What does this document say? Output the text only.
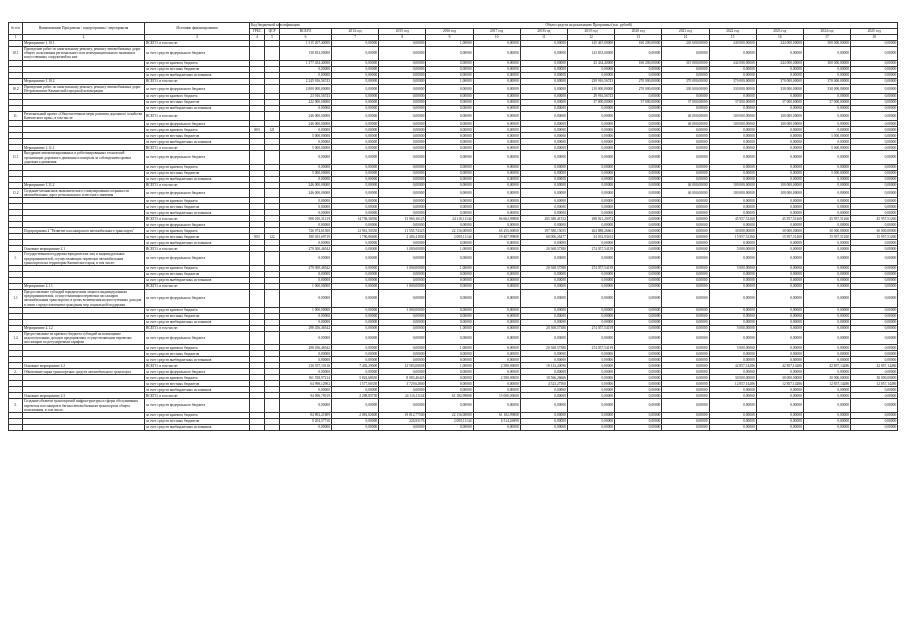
№ п/п	Наименование Программы / подпрограммы / мероприятия	Источник финансирования	Код бюджетной классификации		Объем средств на реализацию Программы (тыс. рублей)												
			ГРБС	ЦСР	ВСЕГО	2014 год	2015 год	2016 год	2017 год	2018 год	2019 год	2020 год	2021 год	2022 год	2023 год	2024 год	2025 год
1	2	3	4	5	6	7	8	9	10	11	12	13	14	15	16	17	18
	Мероприятие 1.10.1	ВСЕГО, в том числе:			1 515 207,40000	0,00000	0,00000	1,00000	0,00000	0,00000	145 467,00000	160 200,00000	245 600,00000	240 000,00000	244 000,00000	300 000,00000	0,00000
10.1	Проведение работ по капитальному ремонту, ремонту автомобильных дорог общего пользования регионального или межмуниципального значения и искусственных сооружений на них	за счет средств федерального бюджета			138 833,00000	0,00000	0,00000	0,00000	0,00000	0,00000	123 833,00000	0,00000	0,00000	0,00000	0,00000	0,00000	0,00000
		за счет средств краевого бюджета			1 377 434,40000	0,00000	0,00000	0,00000	0,00000	0,00000	43 434,40000	160 200,00000	315 000,00000	242 000,00000	244 000,00000	300 000,00000	0,00000
		за счет средств местных бюджетов			0,00000	0,00000	0,00000	0,00000	0,00000	0,00000	0,00000	0,00000	0,00000	0,00000	0,00000	0,00000	0,00000
		за счет средств внебюджетных источников			0,00000	0,00000	0,00000	0,00000	0,00000	0,00000	0,00000	0,00000	0,00000	0,00000	0,00000	0,00000	0,00000
	Мероприятие 1.10.2	ВСЕГО, в том числе:			2 245 916,56743	0,00000	0,00000	1,00000	0,00000	0,00000	239 916,56743	270 000,00000	370 000,00000	370 000,00000	370 000,00000	370 000,00000	0,00000
10.2	Проведение работ по капитальному ремонту, ремонту автомобильных дорог Петропавловск-Камчатской городской агломерации	за счет средств федерального бюджета			2 000 000,00000	0,00000	0,00000	0,00000	0,00000	0,00000	210 000,00000	270 000,00000	330 000,00000	330 000,00000	330 000,00000	330 000,00000	0,00000
		за счет средств краевого бюджета			23 916,56743	0,00000	0,00000	0,00000	0,00000	0,00000	29 916,56743	0,00000	0,00000	0,00000	0,00000	0,00000	0,00000
		за счет средств местных бюджетов			222 000,00000	0,00000	0,00000	0,00000	0,00000	0,00000	37 000,00000	37 000,00000	37 000,00000	37 000,00000	37 000,00000	37 000,00000	0,00000
		за счет средств внебюджетных источников			0,00000	0,00000	0,00000	0,00000	0,00000	0,00000	0,00000	0,00000	0,00000	0,00000	0,00000	0,00000	0,00000
11.	Региональный проект «Общесистемные меры развития дорожного хозяйства Камчатского края», в том числе:	ВСЕГО, в том числе:			246 000,00000	0,00000	0,00000	0,00000	0,00000	0,00000	0,00000	0,00000	46 000,00000	100 000,00000	100 000,00000	0,00000	0,00000
		за счет средств федерального бюджета			246 000,00000	0,00000	0,00000	0,00000	0,00000	0,00000	0,00000	0,00000	46 000,00000	100 000,00000	100 000,00000	0,00000	0,00000
		за счет средств краевого бюджета	803	121	0,00000	0,00000	0,00000	0,00000	0,00000	0,00000	0,00000	0,00000	0,00000	0,00000	0,00000	0,00000	0,00000
		за счет средств местных бюджетов			5 000,00000	0,00000	0,00000	0,00000	0,00000	0,00000	0,00000	0,00000	0,00000	0,00000	0,00000	5 000,00000	0,00000
		за счет средств внебюджетных источников			0,00000	0,00000	0,00000	0,00000	0,00000	0,00000	0,00000	0,00000	0,00000	0,00000	0,00000	0,00000	0,00000
	Мероприятие 1.11.1	ВСЕГО, в том числе:			5 000,00000	0,00000	0,00000	0,00000	0,00000	0,00000	0,00000	0,00000	0,00000	0,00000	0,00000	5 000,00000	0,00000
11.1	Внедрение автоматизированных и роботизированных технологий организации дорожного движения и контроля за соблюдением правил дорожного движения	за счет средств федерального бюджета			0,00000	0,00000	0,00000	0,00000	0,00000	0,00000	0,00000	0,00000	0,00000	0,00000	0,00000	0,00000	0,00000
		за счет средств краевого бюджета			0,00000	0,00000	0,00000	0,00000	0,00000	0,00000	0,00000	0,00000	0,00000	0,00000	0,00000	0,00000	0,00000
		за счет средств местных бюджетов			5 000,00000	0,00000	0,00000	0,00000	0,00000	0,00000	0,00000	0,00000	0,00000	0,00000	0,00000	5 000,00000	0,00000
		за счет средств внебюджетных источников			0,00000	0,00000	0,00000	0,00000	0,00000	0,00000	0,00000	0,00000	0,00000	0,00000	0,00000	0,00000	0,00000
	Мероприятие 1.11.2	ВСЕГО, в том числе:			246 000,00000	0,00000	0,00000	0,00000	0,00000	0,00000	0,00000	0,00000	46 000,00000	100 000,00000	100 000,00000	0,00000	0,00000
11.2	Создание механизмов экономического стимулирования сохранности автомобильных дорог регионального и местного значения	за счет средств федерального бюджета			246 000,00000	0,00000	0,00000	0,00000	0,00000	0,00000	0,00000	0,00000	46 000,00000	100 000,00000	100 000,00000	0,00000	0,00000
		за счет средств краевого бюджета			0,00000	0,00000	0,00000	0,00000	0,00000	0,00000	0,00000	0,00000	0,00000	0,00000	0,00000	0,00000	0,00000
		за счет средств местных бюджетов			0,00000	0,00000	0,00000	0,00000	0,00000	0,00000	0,00000	0,00000	0,00000	0,00000	0,00000	0,00000	0,00000
		за счет средств внебюджетных источников			0,00000	0,00000	0,00000	0,00000	0,00000	0,00000	0,00000	0,00000	0,00000	0,00000	0,00000	0,00000	0,00000
		ВСЕГО, в том числе:			908 010,31219	14 758,36950	13 960,16125	24 116,11144	84 662,99808	265 386,41532	298 921,20074	0,00000	0,00000	45 957,51260	45 957,51260	45 957,51260	45 957,51260
		за счет средств федерального бюджета			0,00000	0,00000	0,00000	0,00000	0,00000	0,00000	0,00000	0,00000	0,00000	0,00000	0,00000	0,00000	0,00000
	Подпрограмма 2 "Развитие пассажирского автомобильного транспорта"	за счет средств краевого бюджета			726 974,61500	12 961,50350	11 555,74325	22 116,00000	65 255,00000	197 380,15055	264 888,26661	0,00000	0,00000	30 000,00000	30 000,00000	30 000,00000	30 000,00000
		за счет средств местных бюджетов	803	122	180 035,69719	1 796,86600	2 404,41800	2 000,11144	19 407,99808	68 006,26477	34 032,93413	0,00000	0,00000	15 957,51260	15 957,51260	15 957,51260	15 957,51260
		за счет средств внебюджетных источников			0,00000	0,00000	0,00000	0,00000	0,00000	0,00000	0,00000	0,00000	0,00000	0,00000	0,00000	0,00000	0,00000
	Основное мероприятие 2.1	ВСЕГО, в том числе:			279 300,46542	0,00000	1 000,00000	1,00000	0,00000	20 368,57380	274 057,54139	0,00000	0,00000	5 000,00000	0,00000	0,00000	0,00000
1.	Государственная поддержка юридических лиц и индивидуальных предпринимателей, осуществляющих перевозки автомобильным транспортом на территории Камчатского края, в том числе:	за счет средств федерального бюджета			0,00000	0,00000	0,00000	0,00000	0,00000	0,00000	0,00000	0,00000	0,00000	0,00000	0,00000	0,00000	0,00000
		за счет средств краевого бюджета			279 300,46542	0,00000	1 000,00000	1,00000	0,00000	20 368,57380	274 057,54139	0,00000	0,00000	5 000,00000	0,00000	0,00000	0,00000
		за счет средств местных бюджетов			0,00000	0,00000	0,00000	0,00000	0,00000	0,00000	0,00000	0,00000	0,00000	0,00000	0,00000	0,00000	0,00000
		за счет средств внебюджетных источников			0,00000	0,00000	0,00000	0,00000	0,00000	0,00000	0,00000	0,00000	0,00000	0,00000	0,00000	0,00000	0,00000
	Мероприятие 2.1.1	ВСЕГО, в том числе:			1 000,00000	0,00000	1 000,00000	0,00000	0,00000	0,00000	0,00000	0,00000	0,00000	0,00000	0,00000	0,00000	0,00000
1.1	Предоставление субсидий юридическим лицам и индивидуальным предпринимателям, осуществляющим перевозки пассажиров автомобильным транспортом, в целях возмещения недополученных доходов в связи с предоставлением гражданам мер социальной поддержки	за счет средств федерального бюджета			0,00000	0,00000	0,00000	0,00000	0,00000	0,00000	0,00000	0,00000	0,00000	0,00000	0,00000	0,00000	0,00000
		за счет средств краевого бюджета			1 000,00000	0,00000	1 000,00000	0,00000	0,00000	0,00000	0,00000	0,00000	0,00000	0,00000	0,00000	0,00000	0,00000
		за счет средств местных бюджетов			0,00000	0,00000	0,00000	0,00000	0,00000	0,00000	0,00000	0,00000	0,00000	0,00000	0,00000	0,00000	0,00000
		за счет средств внебюджетных источников			0,00000	0,00000	0,00000	0,00000	0,00000	0,00000	0,00000	0,00000	0,00000	0,00000	0,00000	0,00000	0,00000
	Мероприятие 2.1.2	ВСЕГО, в том числе:			298 456,46542	0,00000	0,00000	1,00000	0,00000	20 368,57380	274 057,54139	0,00000	0,00000	5 000,00000	0,00000	0,00000	0,00000
1.2	Предоставление из краевого бюджета субсидий на возмещение недополученных доходов предприятиям, осуществляющим перевозки пассажиров по регулируемым тарифам	за счет средств федерального бюджета			0,00000	0,00000	0,00000	0,00000	0,00000	0,00000	0,00000	0,00000	0,00000	0,00000	0,00000	0,00000	0,00000
		за счет средств краевого бюджета			298 456,46542	0,00000	0,00000	1,00000	0,00000	20 368,57380	274 057,54139	0,00000	0,00000	5 000,00000	0,00000	0,00000	0,00000
		за счет средств местных бюджетов			0,00000	0,00000	0,00000	0,00000	0,00000	0,00000	0,00000	0,00000	0,00000	0,00000	0,00000	0,00000	0,00000
		за счет средств внебюджетных источников			0,00000	0,00000	0,00000	0,00000	0,00000	0,00000	0,00000	0,00000	0,00000	0,00000	0,00000	0,00000	0,00000
	Основное мероприятие 2.2	ВСЕГО, в том числе:			216 557,10116	7 402,29000	12 583,00658	1,00000	2 580,00000	18 123,20096	0,00000	0,00000	0,00000	42 857,14286	42 857,14286	42 857,14286	42 857,14286
2.	Обновление парка транспортных средств автомобильного транспорта	за счет средств федерального бюджета			0,00000	0,00000	0,00000	0,00000	0,00000	0,00000	0,00000	0,00000	0,00000	0,00000	0,00000	0,00000	0,00000
		за счет средств краевого бюджета			161 558,97214	5 824,68650	8 083,46425	0,00000	2 580,00000	18 566,26666	0,00000	0,00000	0,00000	30 000,00000	30 000,00000	30 000,00000	30 000,00000
		за счет средств местных бюджетов			64 998,12902	1 577,60350	3 729,62800	0,00000	0,00000	4 523,27500	0,00000	0,00000	0,00000	12 857,14286	12 857,14286	12 857,14286	12 857,14286
		за счет средств внебюджетных источников			0,00000	0,00000	0,00000	0,00000	0,00000	0,00000	0,00000	0,00000	0,00000	0,00000	0,00000	0,00000	0,00000
	Основное мероприятие 2.3	ВСЕГО, в том числе:			94 096,79519	2 298,85750	24 116,11144	61 182,99808	15 000,00000	0,00000	0,00000	0,00000	0,00000	0,00000	0,00000	0,00000	0,00000
3.	Создание объектов транспортной инфраструктуры и сферы обслуживания перевозок пассажиров и багажа автомобильным транспортом общего пользования, в том числе:	за счет средств федерального бюджета			0,00000	0,00000	0,00000	0,00000	0,00000	0,00000	0,00000	0,00000	0,00000	0,00000	0,00000	0,00000	0,00000
		за счет средств краевого бюджета			84 892,21809	2 081,02600	19 812,77500	22 116,00000	61 182,99808	0,00000	0,00000	0,00000	0,00000	0,00000	0,00000	0,00000	0,00000
		за счет средств местных бюджетов			9 204,57710	0,00000	226,93176	2 000,11144	6 514,26999	0,00000	0,00000	0,00000	0,00000	0,00000	0,00000	0,00000	0,00000
		за счет средств внебюджетных источников			0,00000	0,00000	0,00000	0,00000	0,00000	0,00000	0,00000	0,00000	0,00000	0,00000	0,00000	0,00000	0,00000
